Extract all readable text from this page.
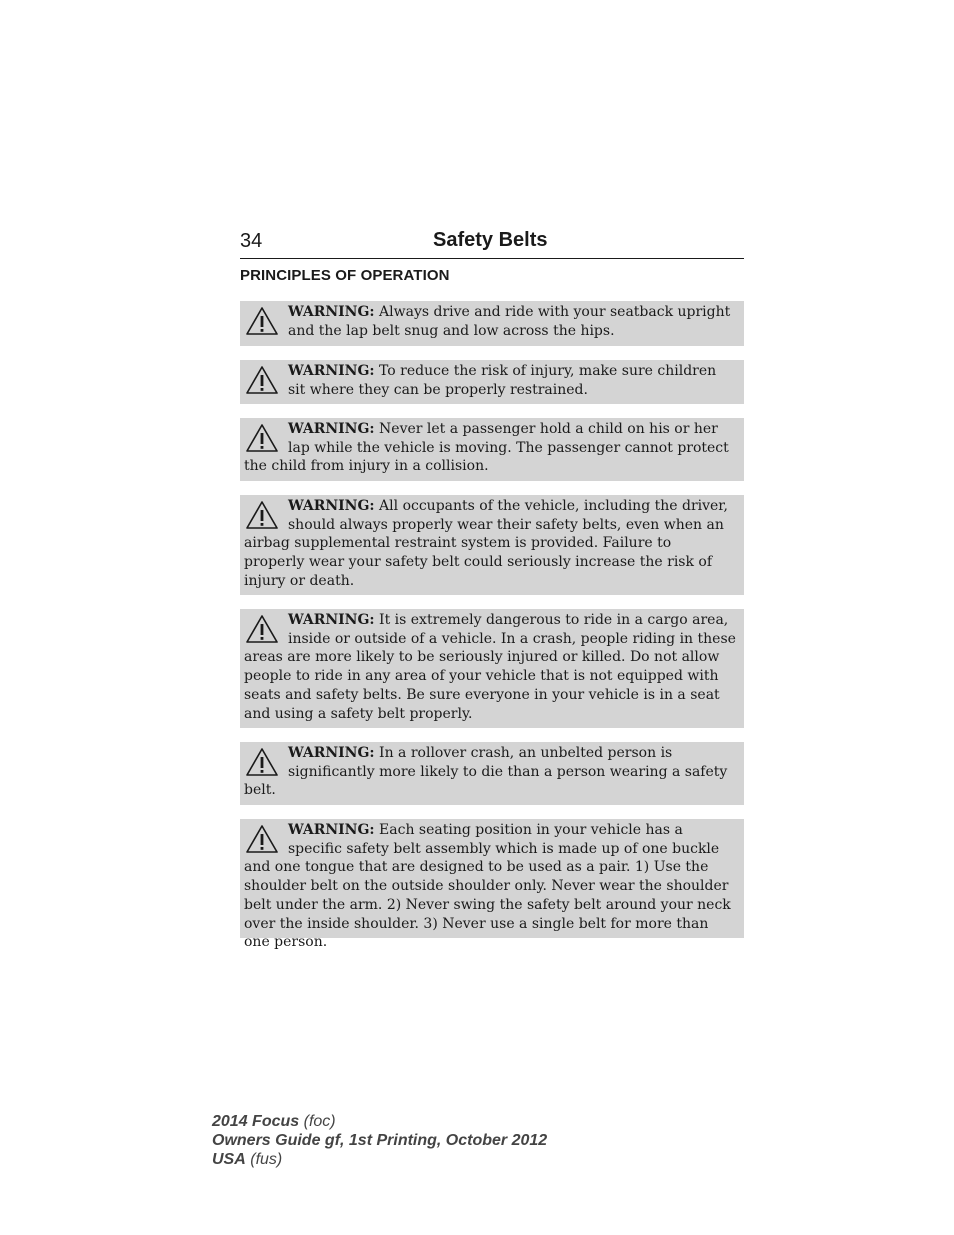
34	Safety Belts
PRINCIPLES OF OPERATION
WARNING: Always drive and ride with your seatback upright and the lap belt snug and low across the hips.
WARNING: To reduce the risk of injury, make sure children sit where they can be properly restrained.
WARNING: Never let a passenger hold a child on his or her lap while the vehicle is moving. The passenger cannot protect the child from injury in a collision.
WARNING: All occupants of the vehicle, including the driver, should always properly wear their safety belts, even when an airbag supplemental restraint system is provided. Failure to properly wear your safety belt could seriously increase the risk of injury or death.
WARNING: It is extremely dangerous to ride in a cargo area, inside or outside of a vehicle. In a crash, people riding in these areas are more likely to be seriously injured or killed. Do not allow people to ride in any area of your vehicle that is not equipped with seats and safety belts. Be sure everyone in your vehicle is in a seat and using a safety belt properly.
WARNING: In a rollover crash, an unbelted person is significantly more likely to die than a person wearing a safety belt.
WARNING: Each seating position in your vehicle has a specific safety belt assembly which is made up of one buckle and one tongue that are designed to be used as a pair. 1) Use the shoulder belt on the outside shoulder only. Never wear the shoulder belt under the arm. 2) Never swing the safety belt around your neck over the inside shoulder. 3) Never use a single belt for more than one person.
2014 Focus (foc)
Owners Guide gf, 1st Printing, October 2012
USA (fus)
